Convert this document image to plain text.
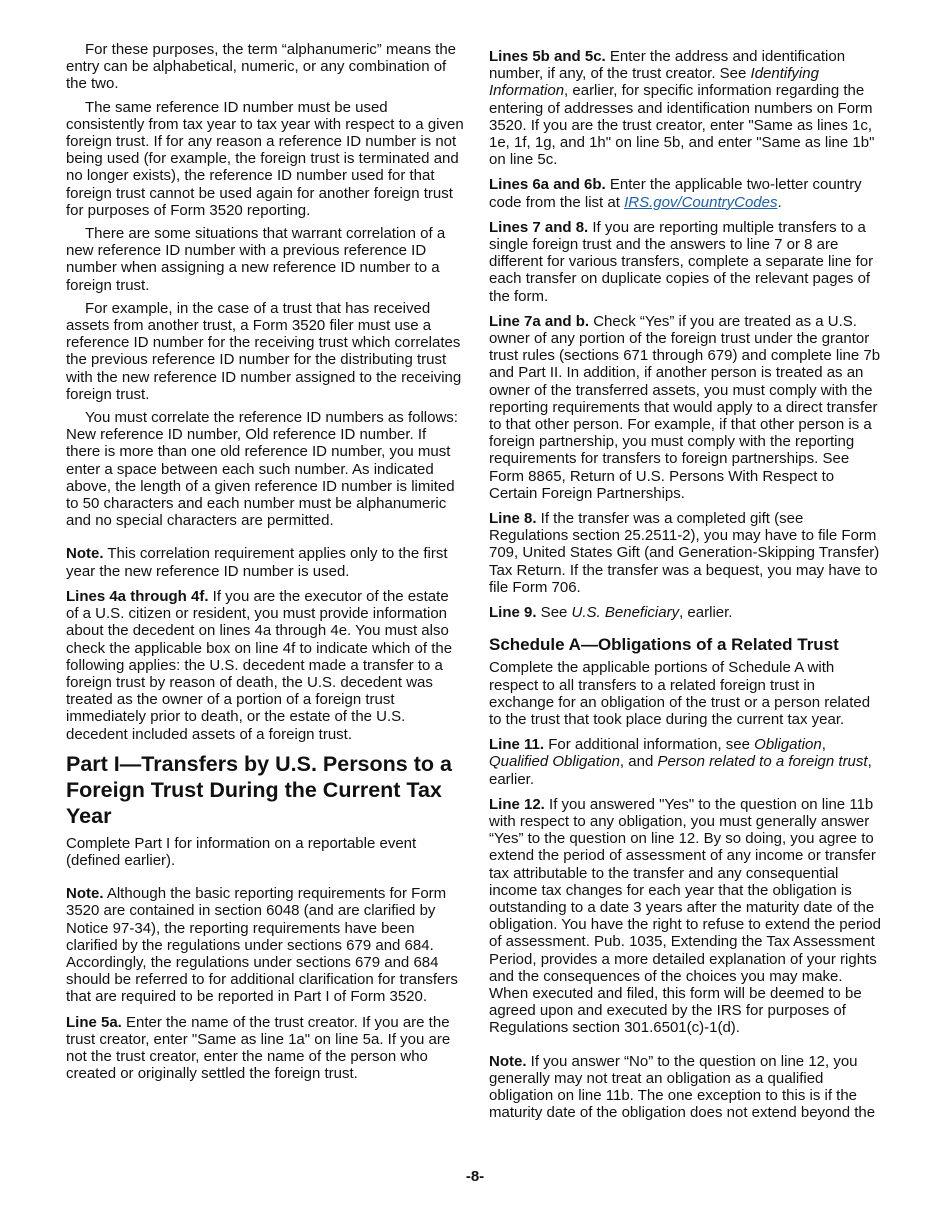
For these purposes, the term “alphanumeric” means the entry can be alphabetical, numeric, or any combination of the two.

The same reference ID number must be used consistently from tax year to tax year with respect to a given foreign trust. If for any reason a reference ID number is not being used (for example, the foreign trust is terminated and no longer exists), the reference ID number used for that foreign trust cannot be used again for another foreign trust for purposes of Form 3520 reporting.

There are some situations that warrant correlation of a new reference ID number with a previous reference ID number when assigning a new reference ID number to a foreign trust.

For example, in the case of a trust that has received assets from another trust, a Form 3520 filer must use a reference ID number for the receiving trust which correlates the previous reference ID number for the distributing trust with the new reference ID number assigned to the receiving foreign trust.

You must correlate the reference ID numbers as follows: New reference ID number, Old reference ID number. If there is more than one old reference ID number, you must enter a space between each such number. As indicated above, the length of a given reference ID number is limited to 50 characters and each number must be alphanumeric and no special characters are permitted.

Note. This correlation requirement applies only to the first year the new reference ID number is used.

Lines 4a through 4f. If you are the executor of the estate of a U.S. citizen or resident, you must provide information about the decedent on lines 4a through 4e. You must also check the applicable box on line 4f to indicate which of the following applies: the U.S. decedent made a transfer to a foreign trust by reason of death, the U.S. decedent was treated as the owner of a portion of a foreign trust immediately prior to death, or the estate of the U.S. decedent included assets of a foreign trust.

Part I—Transfers by U.S. Persons to a Foreign Trust During the Current Tax Year

Complete Part I for information on a reportable event (defined earlier).

Note. Although the basic reporting requirements for Form 3520 are contained in section 6048 (and are clarified by Notice 97-34), the reporting requirements have been clarified by the regulations under sections 679 and 684. Accordingly, the regulations under sections 679 and 684 should be referred to for additional clarification for transfers that are required to be reported in Part I of Form 3520.

Line 5a. Enter the name of the trust creator. If you are the trust creator, enter "Same as line 1a" on line 5a. If you are not the trust creator, enter the name of the person who created or originally settled the foreign trust.

Lines 5b and 5c. Enter the address and identification number, if any, of the trust creator. See Identifying Information, earlier, for specific information regarding the entering of addresses and identification numbers on Form 3520. If you are the trust creator, enter "Same as lines 1c, 1e, 1f, 1g, and 1h" on line 5b, and enter "Same as line 1b" on line 5c.

Lines 6a and 6b. Enter the applicable two-letter country code from the list at IRS.gov/CountryCodes.

Lines 7 and 8. If you are reporting multiple transfers to a single foreign trust and the answers to line 7 or 8 are different for various transfers, complete a separate line for each transfer on duplicate copies of the relevant pages of the form.

Line 7a and b. Check “Yes” if you are treated as a U.S. owner of any portion of the foreign trust under the grantor trust rules (sections 671 through 679) and complete line 7b and Part II. In addition, if another person is treated as an owner of the transferred assets, you must comply with the reporting requirements that would apply to a direct transfer to that other person. For example, if that other person is a foreign partnership, you must comply with the reporting requirements for transfers to foreign partnerships. See Form 8865, Return of U.S. Persons With Respect to Certain Foreign Partnerships.

Line 8. If the transfer was a completed gift (see Regulations section 25.2511-2), you may have to file Form 709, United States Gift (and Generation-Skipping Transfer) Tax Return. If the transfer was a bequest, you may have to file Form 706.

Line 9. See U.S. Beneficiary, earlier.

Schedule A—Obligations of a Related Trust

Complete the applicable portions of Schedule A with respect to all transfers to a related foreign trust in exchange for an obligation of the trust or a person related to the trust that took place during the current tax year.

Line 11. For additional information, see Obligation, Qualified Obligation, and Person related to a foreign trust, earlier.

Line 12. If you answered "Yes" to the question on line 11b with respect to any obligation, you must generally answer “Yes” to the question on line 12. By so doing, you agree to extend the period of assessment of any income or transfer tax attributable to the transfer and any consequential income tax changes for each year that the obligation is outstanding to a date 3 years after the maturity date of the obligation. You have the right to refuse to extend the period of assessment. Pub. 1035, Extending the Tax Assessment Period, provides a more detailed explanation of your rights and the consequences of the choices you may make. When executed and filed, this form will be deemed to be agreed upon and executed by the IRS for purposes of Regulations section 301.6501(c)-1(d).

Note. If you answer “No” to the question on line 12, you generally may not treat an obligation as a qualified obligation on line 11b. The one exception to this is if the maturity date of the obligation does not extend beyond the

-8-
